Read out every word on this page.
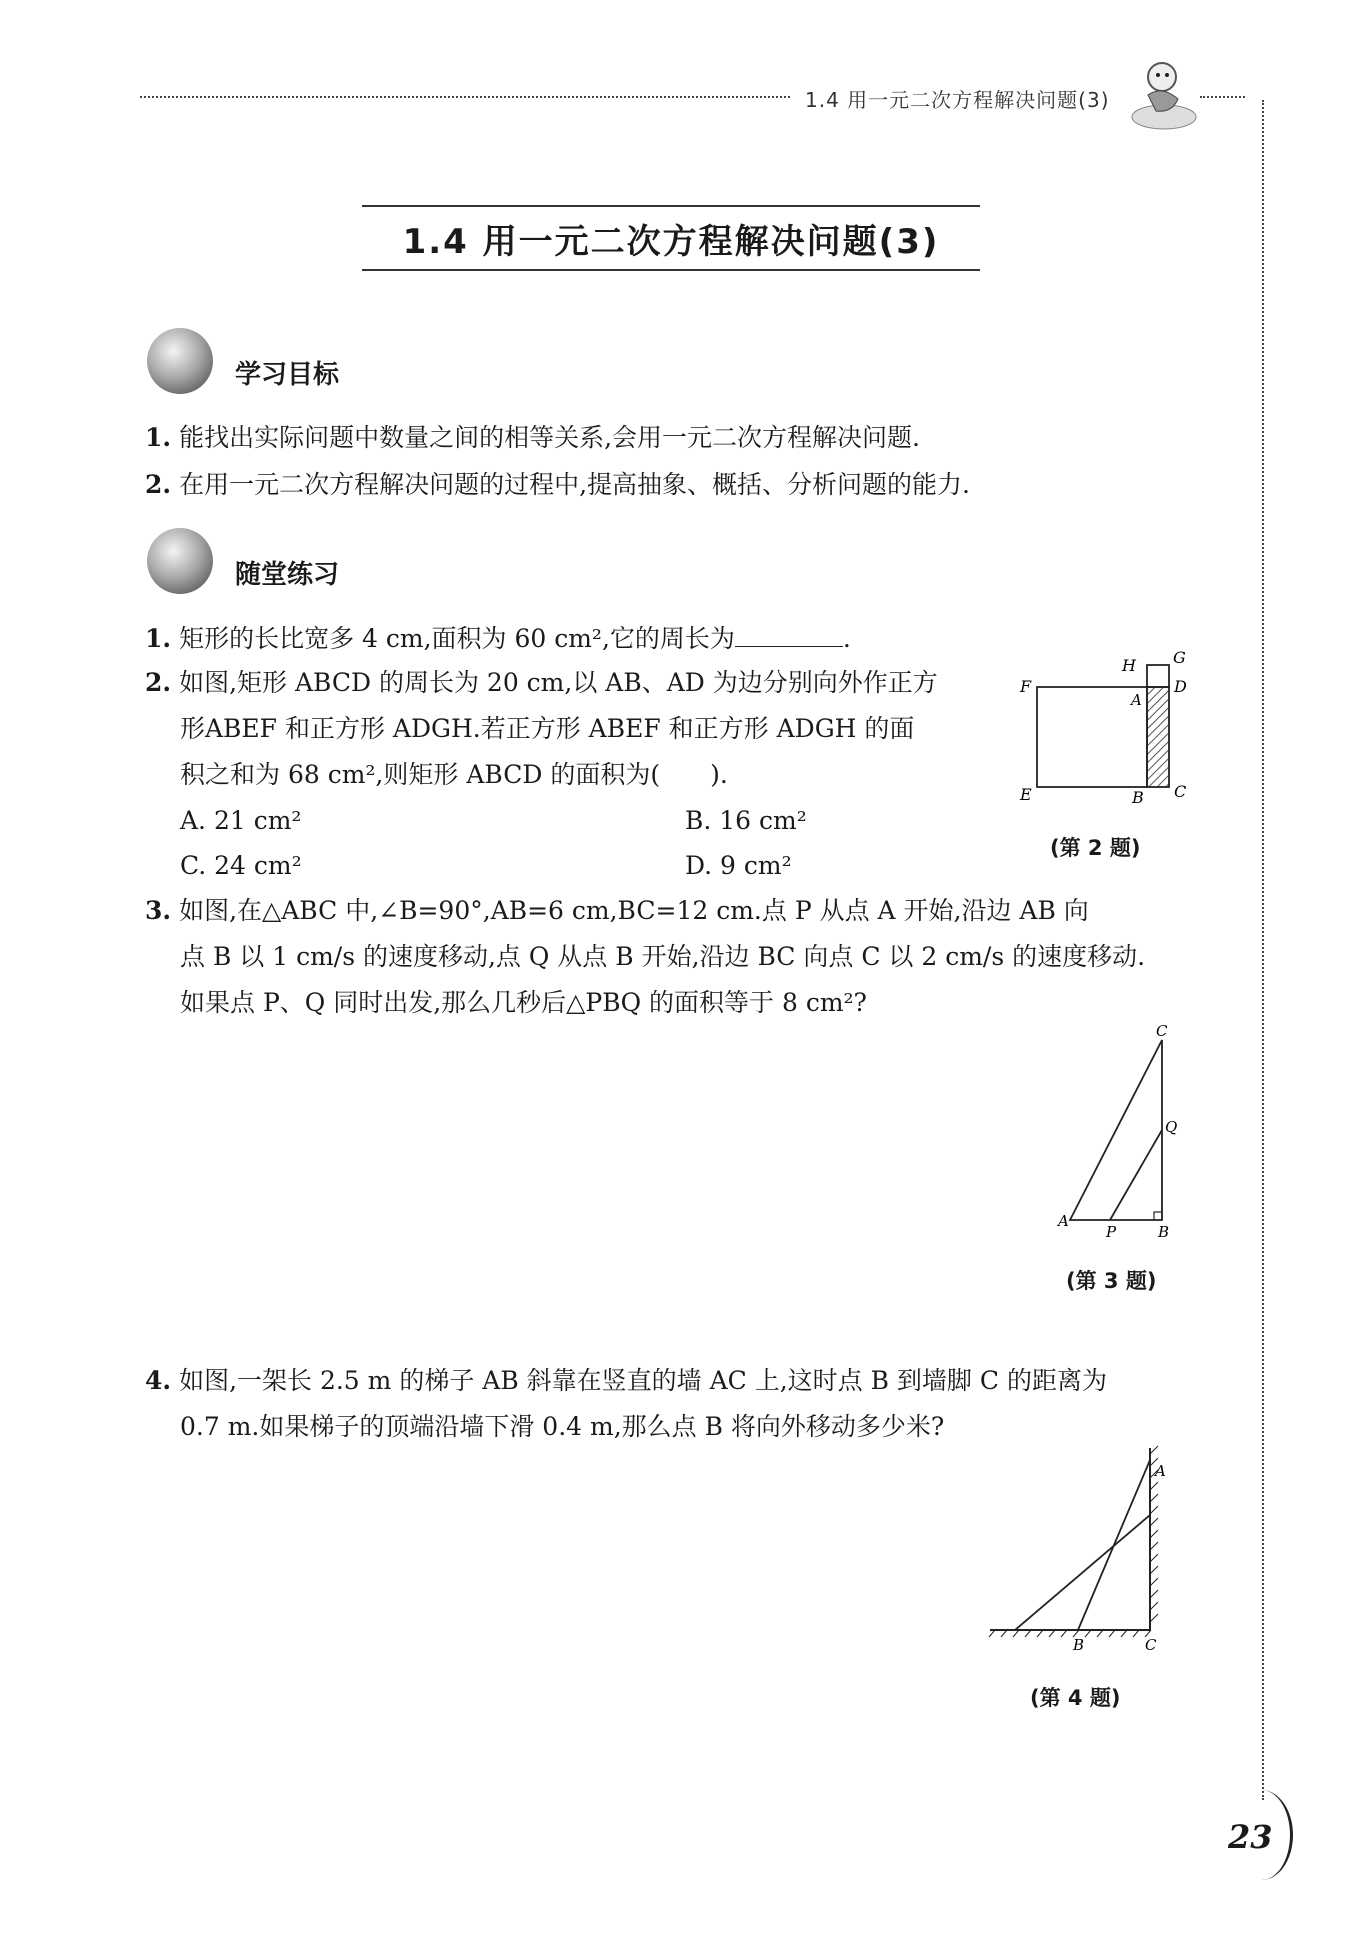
1.4 用一元二次方程解决问题(3)
1.4 用一元二次方程解决问题(3)
学习目标
1. 能找出实际问题中数量之间的相等关系,会用一元二次方程解决问题.
2. 在用一元二次方程解决问题的过程中,提高抽象、概括、分析问题的能力.
随堂练习
1. 矩形的长比宽多 4 cm,面积为 60 cm²,它的周长为	.
2. 如图,矩形 ABCD 的周长为 20 cm,以 AB、AD 为边分别向外作正方
形ABEF 和正方形 ADGH.若正方形 ABEF 和正方形 ADGH 的面
积之和为 68 cm²,则矩形 ABCD 的面积为(　　).
A. 21 cm²	B. 16 cm²
C. 24 cm²	D. 9 cm²
H G
F
A
D
E	B C
(第 2 题)
3. 如图,在△ABC 中,∠B=90°,AB=6 cm,BC=12 cm.点 P 从点 A 开始,沿边 AB 向
点 B 以 1 cm/s 的速度移动,点 Q 从点 B 开始,沿边 BC 向点 C 以 2 cm/s 的速度移动.
如果点 P、Q 同时出发,那么几秒后△PBQ 的面积等于 8 cm²?
C
Q
A
P	B
(第 3 题)
4. 如图,一架长 2.5 m 的梯子 AB 斜靠在竖直的墙 AC 上,这时点 B 到墙脚 C 的距离为
0.7 m.如果梯子的顶端沿墙下滑 0.4 m,那么点 B 将向外移动多少米?
A
B	C
(第 4 题)
23
